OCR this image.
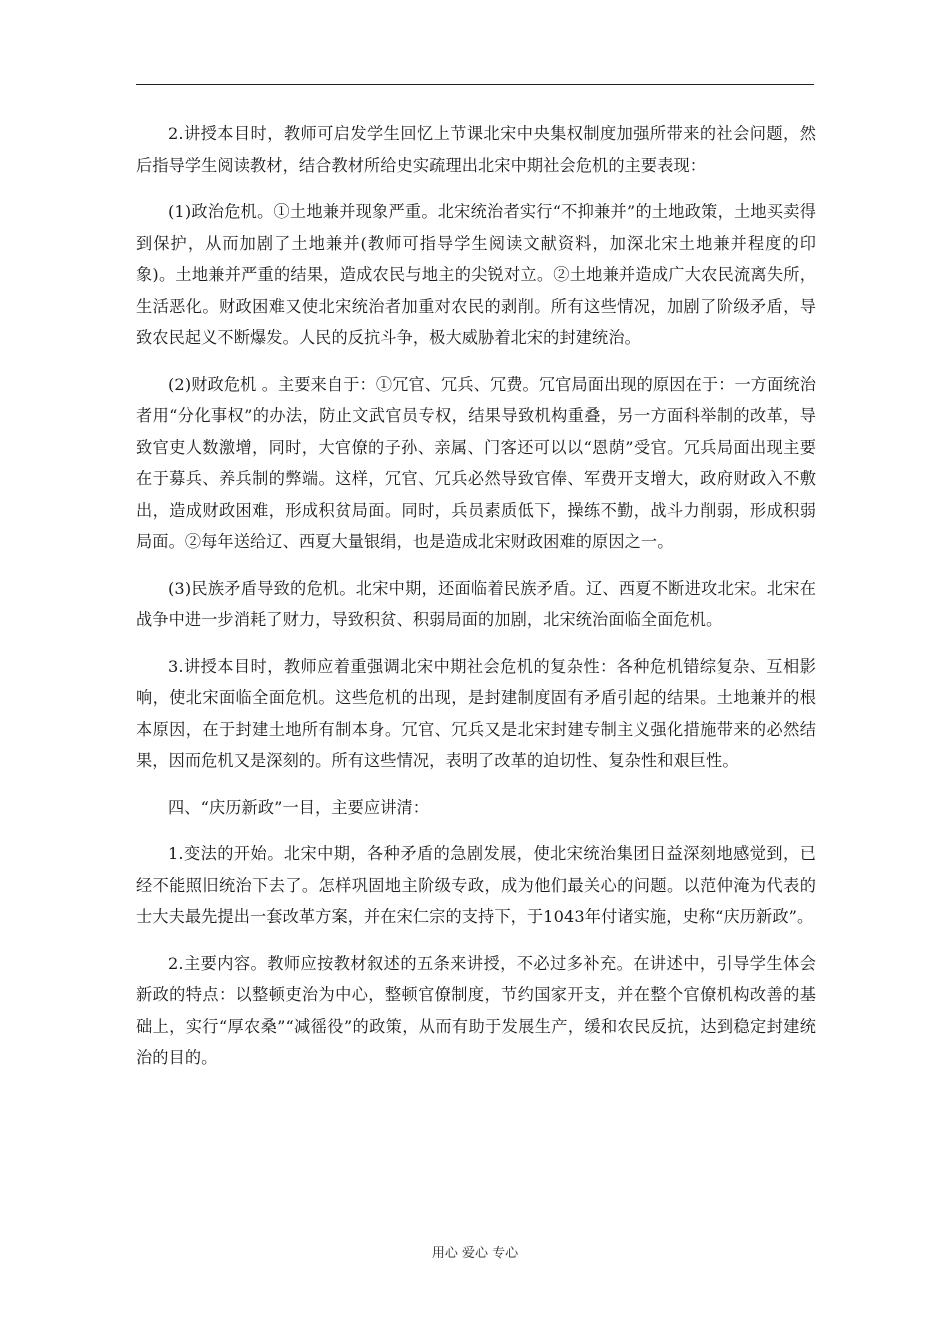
2.讲授本目时，教师可启发学生回忆上节课北宋中央集权制度加强所带来的社会问题，然后指导学生阅读教材，结合教材所给史实疏理出北宋中期社会危机的主要表现：

(1)政治危机。①土地兼并现象严重。北宋统治者实行“不抑兼并”的土地政策，土地买卖得到保护，从而加剧了土地兼并(教师可指导学生阅读文献资料，加深北宋土地兼并程度的印象)。土地兼并严重的结果，造成农民与地主的尖锐对立。②土地兼并造成广大农民流离失所，生活恶化。财政困难又使北宋统治者加重对农民的剥削。所有这些情况，加剧了阶级矛盾，导致农民起义不断爆发。人民的反抗斗争，极大威胁着北宋的封建统治。

(2)财政危机 。主要来自于：①冗官、冗兵、冗费。冗官局面出现的原因在于：一方面统治者用“分化事权”的办法，防止文武官员专权，结果导致机构重叠，另一方面科举制的改革，导致官吏人数激增，同时，大官僚的子孙、亲属、门客还可以以“恩荫”受官。冗兵局面出现主要在于募兵、养兵制的弊端。这样，冗官、冗兵必然导致官俸、军费开支增大，政府财政入不敷出，造成财政困难，形成积贫局面。同时，兵员素质低下，操练不勤，战斗力削弱，形成积弱局面。②每年送给辽、西夏大量银绢，也是造成北宋财政困难的原因之一。

(3)民族矛盾导致的危机。北宋中期，还面临着民族矛盾。辽、西夏不断进攻北宋。北宋在战争中进一步消耗了财力，导致积贫、积弱局面的加剧，北宋统治面临全面危机。

3.讲授本目时，教师应着重强调北宋中期社会危机的复杂性：各种危机错综复杂、互相影响，使北宋面临全面危机。这些危机的出现，是封建制度固有矛盾引起的结果。土地兼并的根本原因，在于封建土地所有制本身。冗官、冗兵又是北宋封建专制主义强化措施带来的必然结果，因而危机又是深刻的。所有这些情况，表明了改革的迫切性、复杂性和艰巨性。

四、“庆历新政”一目，主要应讲清：

1.变法的开始。北宋中期，各种矛盾的急剧发展，使北宋统治集团日益深刻地感觉到，已经不能照旧统治下去了。怎样巩固地主阶级专政，成为他们最关心的问题。以范仲淹为代表的士大夫最先提出一套改革方案，并在宋仁宗的支持下，于1043年付诸实施，史称“庆历新政”。

2.主要内容。教师应按教材叙述的五条来讲授，不必过多补充。在讲述中，引导学生体会新政的特点：以整顿吏治为中心，整顿官僚制度，节约国家开支，并在整个官僚机构改善的基础上，实行“厚农桑”“减徭役”的政策，从而有助于发展生产，缓和农民反抗，达到稳定封建统治的目的。

用心 爱心 专心
